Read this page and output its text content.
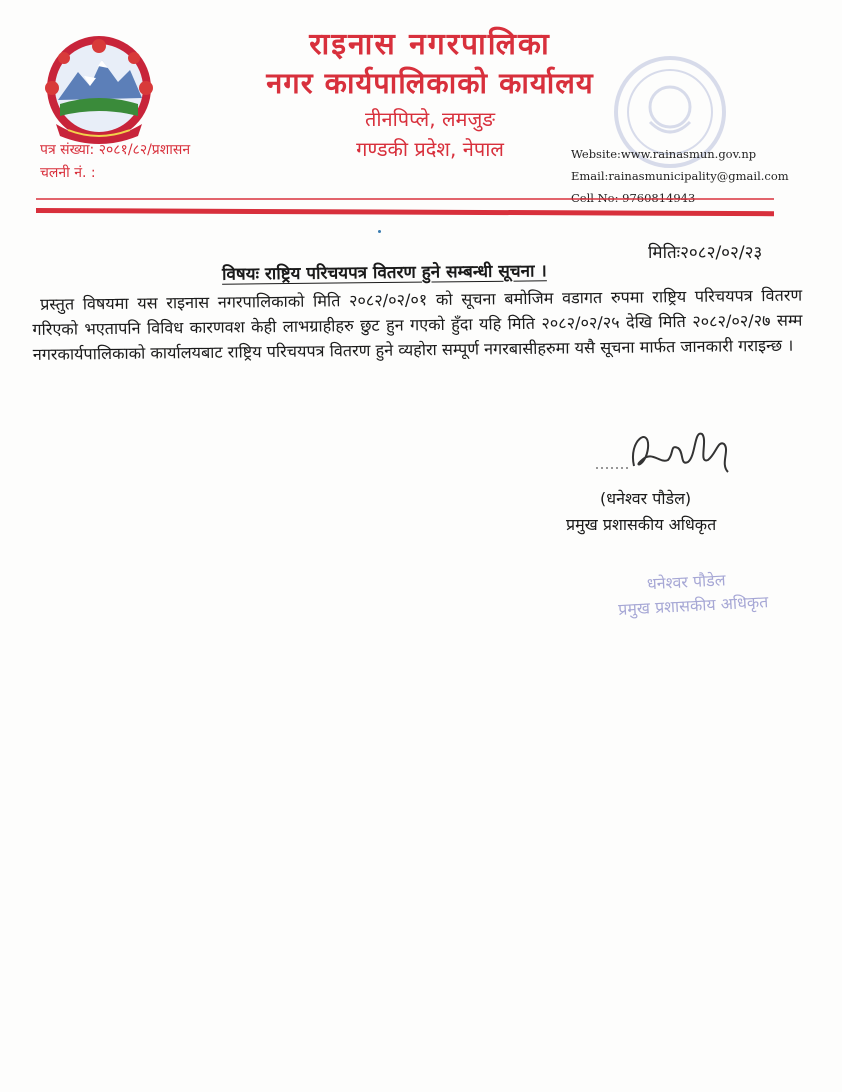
राइनास नगरपालिका
नगर कार्यपालिकाको कार्यालय
तीनपिप्ले, लमजुङ
गण्डकी प्रदेश, नेपाल
पत्र संख्या: २०८१/८२/प्रशासन
चलनी नं. :
Website:www.rainasmun.gov.np
Email:rainasmunicipality@gmail.com
मितिः२०८२/०२/२३
विषयः राष्ट्रिय परिचयपत्र वितरण हुने सम्बन्धी सूचना ।
प्रस्तुत विषयमा यस राइनास नगरपालिकाको मिति २०८२/०२/०१ को सूचना बमोजिम वडागत रुपमा राष्ट्रिय परिचयपत्र वितरण गरिएको भएतापनि विविध कारणवश केही लाभग्राहीहरु छुट हुन गएको हुँदा यहि मिति २०८२/०२/२५ देखि मिति २०८२/०२/२७ सम्म नगरकार्यपालिकाको कार्यालयबाट राष्ट्रिय परिचयपत्र वितरण हुने व्यहोरा सम्पूर्ण नगरबासीहरुमा यसै सूचना मार्फत जानकारी गराइन्छ ।
(धनेश्वर पौडेल)
प्रमुख प्रशासकीय अधिकृत
धनेश्वर पौडेल
प्रमुख प्रशासकीय अधिकृत
